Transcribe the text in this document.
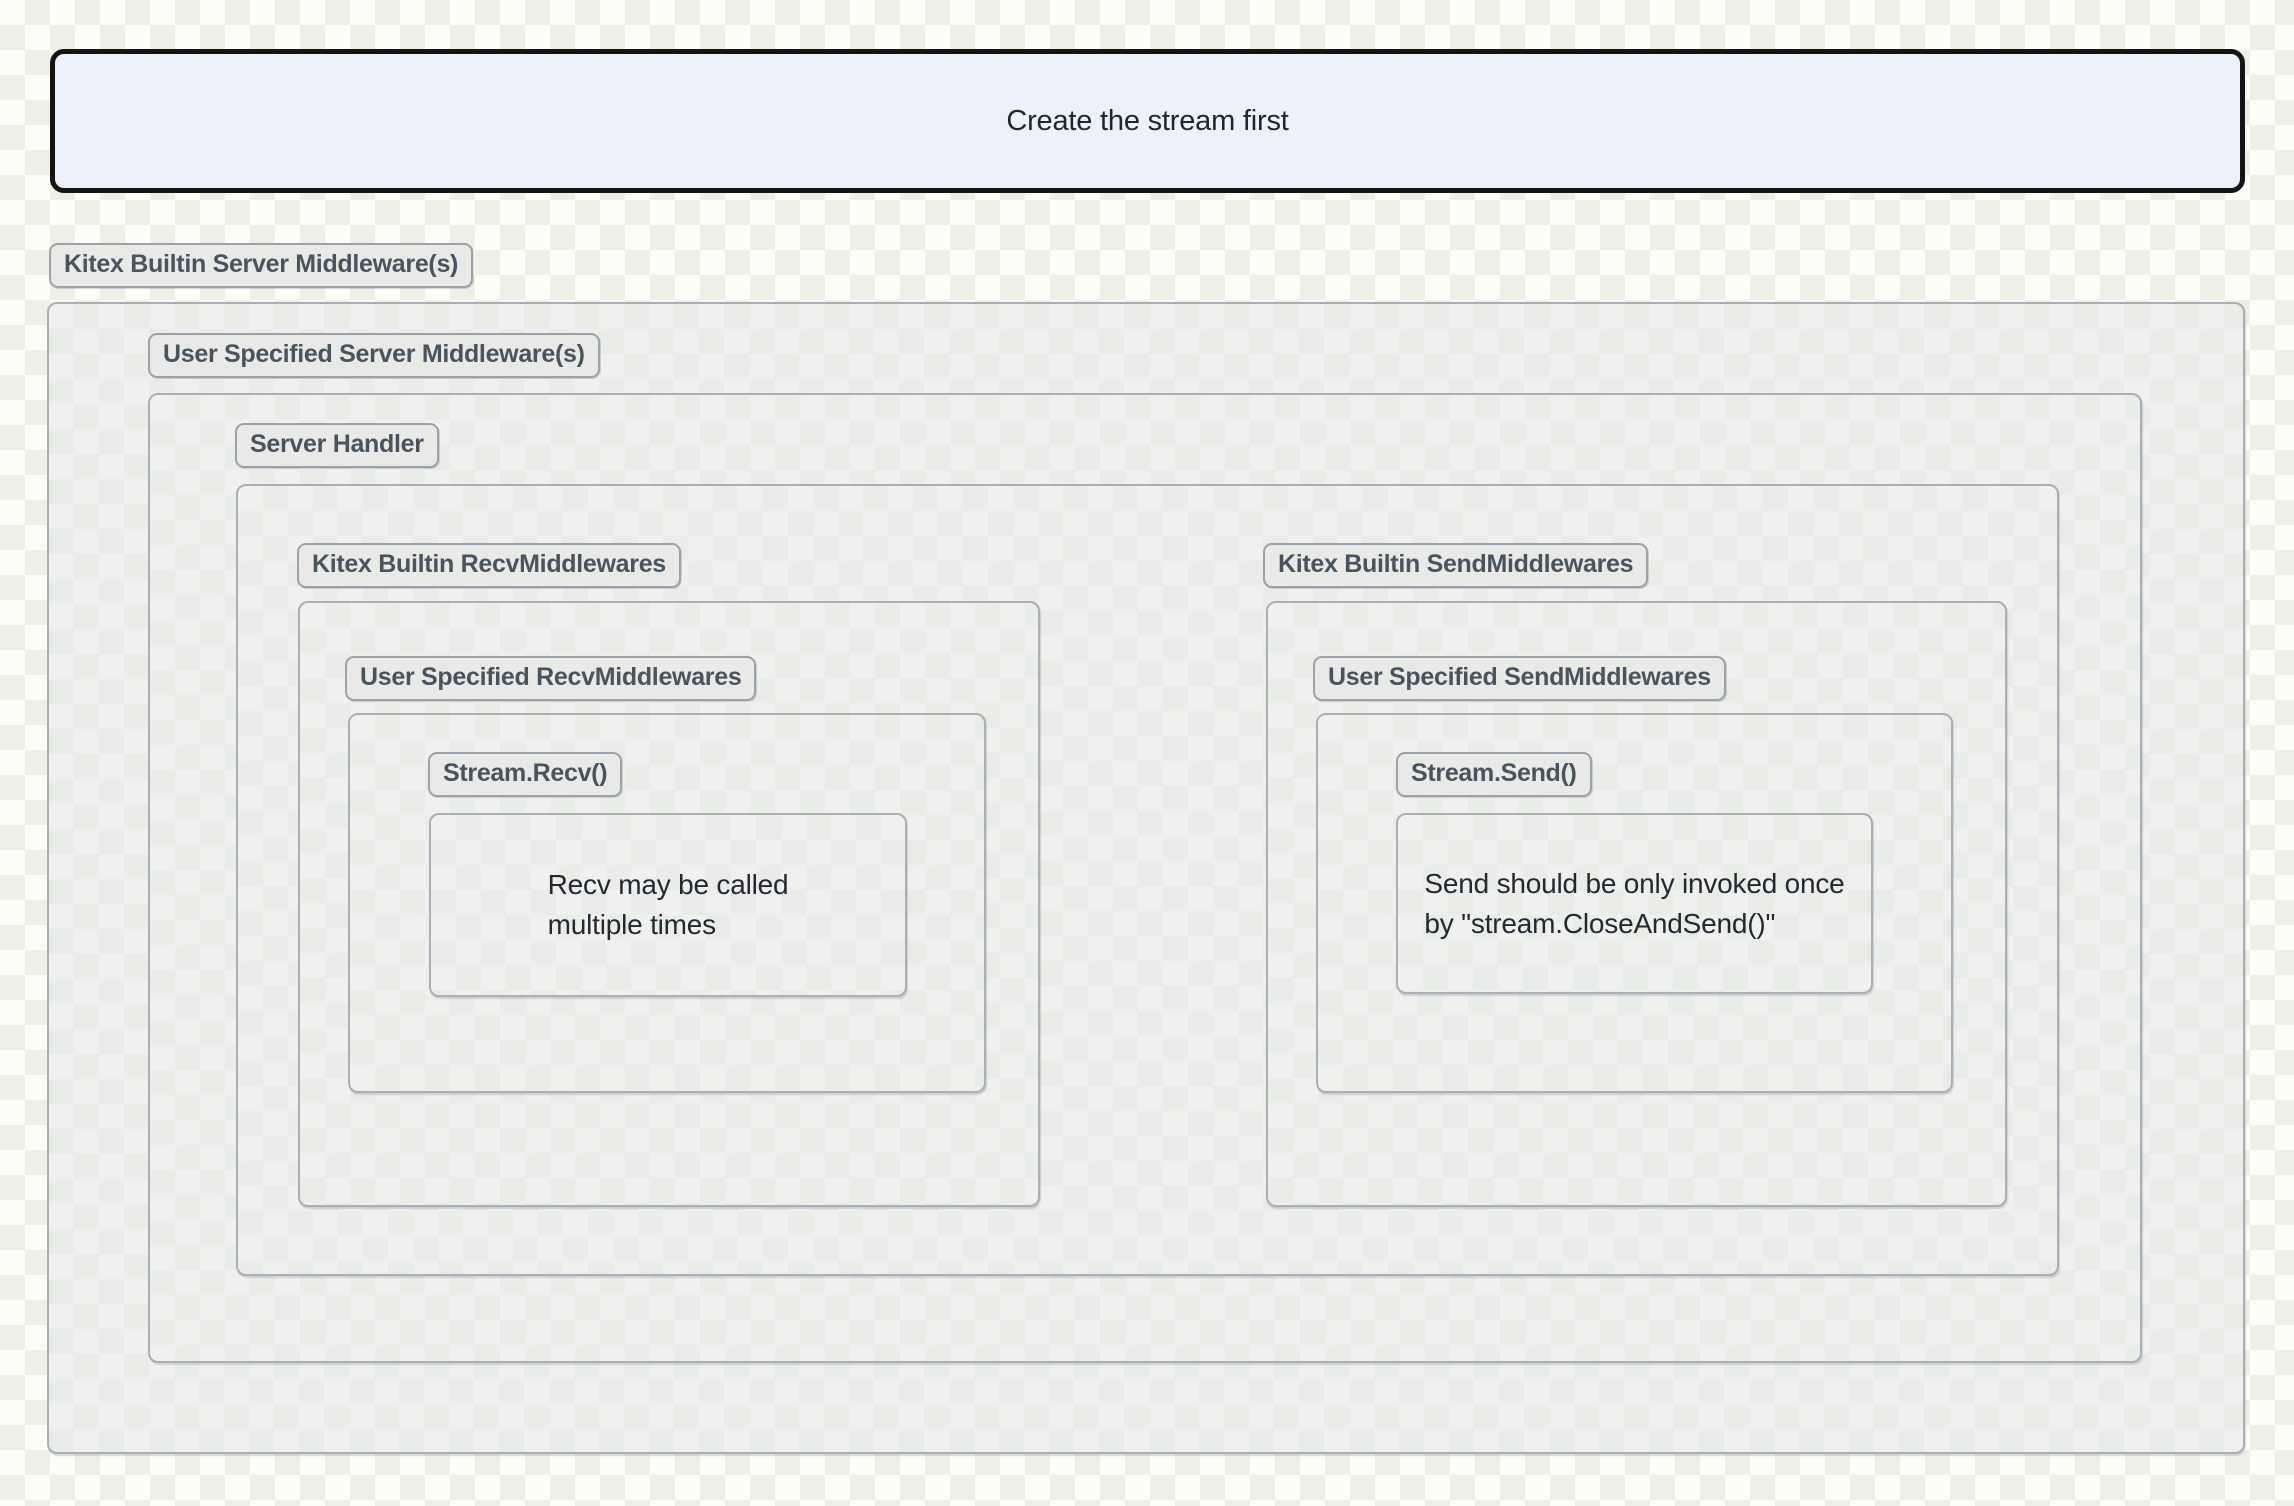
Create the stream first
Kitex Builtin Server Middleware(s)
User Specified Server Middleware(s)
Server Handler
Kitex Builtin RecvMiddlewares
User Specified RecvMiddlewares
Stream.Recv()
Recv may be called
multiple times
Kitex Builtin SendMiddlewares
User Specified SendMiddlewares
Stream.Send()
Send should be only invoked once
by "stream.CloseAndSend()"
